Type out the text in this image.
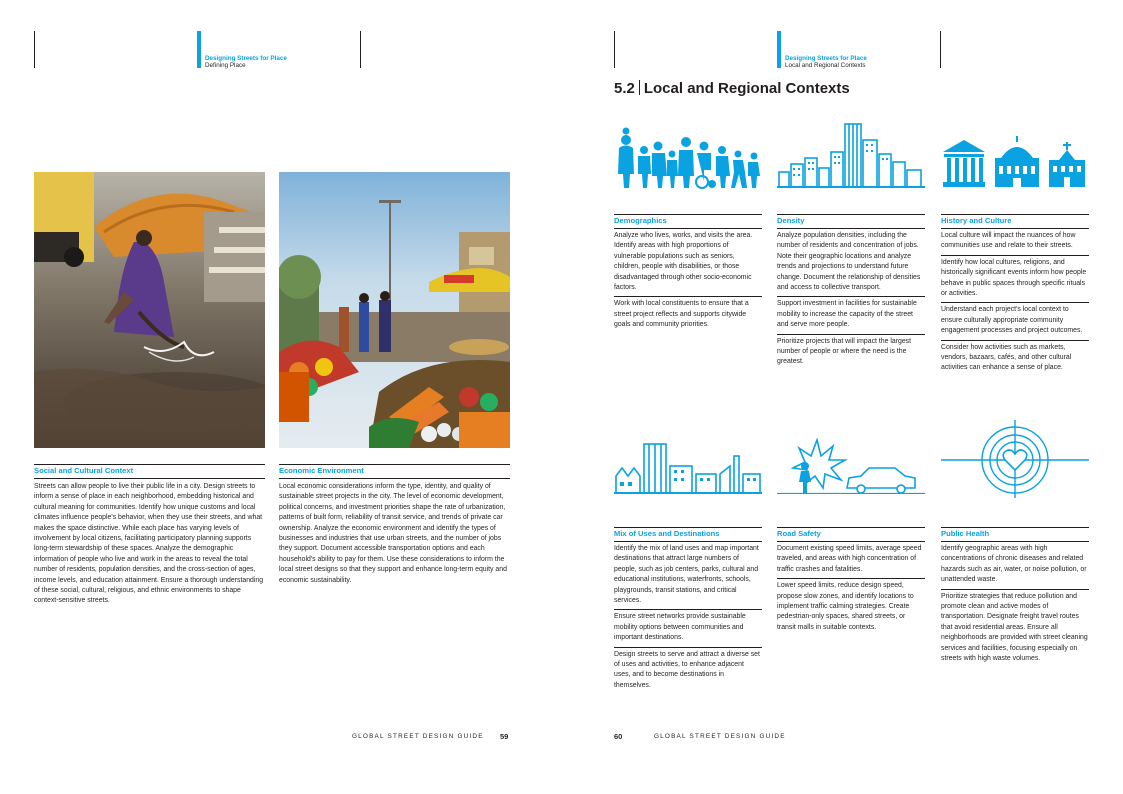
Designing Streets for Place
Defining Place
Designing Streets for Place
Local and Regional Contexts
5.2 Local and Regional Contexts
Social and Cultural Context

Streets can allow people to live their public life in a city. Design streets to inform a sense of place in each neighborhood, embedding historical and cultural meaning for communities. Identify how unique customs and local climates influence people's behavior, when they use their streets, and what makes the space distinctive. While each place has varying levels of involvement by local citizens, facilitating participatory planning supports long-term stewardship of these spaces. Analyze the demographic information of people who live and work in the areas to reveal the total number of residents, population densities, and the cross-section of ages, income levels, and education attainment. Ensure a thorough understanding of these social, cultural, religious, and ethnic environments to shape context-sensitive streets.

Economic Environment

Local economic considerations inform the type, identity, and quality of sustainable street projects in the city. The level of economic development, political concerns, and investment priorities shape the rate of urbanization, patterns of built form, reliability of transit service, and trends of private car ownership. Analyze the economic environment and identify the types of businesses and industries that use urban streets, and the number of jobs they support. Document accessible transportation options and each household's ability to pay for them. Use these considerations to inform the local street designs so that they support and enhance long-term equity and economic sustainability.

Demographics

Analyze who lives, works, and visits the area. Identify areas with high proportions of vulnerable populations such as seniors, children, people with disabilities, or those disadvantaged through other socio-economic factors.

Work with local constituents to ensure that a street project reflects and supports citywide goals and community priorities.

Density

Analyze population densities, including the number of residents and concentration of jobs. Note their geographic locations and analyze trends and projections to understand future change. Document the relationship of densities and access to collective transport.

Support investment in facilities for sustainable mobility to increase the capacity of the street and serve more people.

Prioritize projects that will impact the largest number of people or where the need is the greatest.

History and Culture

Local culture will impact the nuances of how communities use and relate to their streets.

Identify how local cultures, religions, and historically significant events inform how people behave in public spaces through specific rituals or activities.

Understand each project's local context to ensure culturally appropriate community engagement processes and project outcomes.

Consider how activities such as markets, vendors, bazaars, cafés, and other cultural activities can enhance a sense of place.

Mix of Uses and Destinations

Identify the mix of land uses and map important destinations that attract large numbers of people, such as job centers, parks, cultural and educational institutions, waterfronts, schools, playgrounds, transit stations, and critical services.

Ensure street networks provide sustainable mobility options between communities and important destinations.

Design streets to serve and attract a diverse set of uses and activities, to enhance adjacent uses, and to become destinations in themselves.

Road Safety

Document existing speed limits, average speed traveled, and areas with high concentration of traffic crashes and fatalities.

Lower speed limits, reduce design speed, propose slow zones, and identify locations to implement traffic calming strategies. Create pedestrian-only spaces, shared streets, or transit malls in suitable contexts.

Public Health

Identify geographic areas with high concentrations of chronic diseases and related hazards such as air, water, or noise pollution, or unattended waste.

Prioritize strategies that reduce pollution and promote clean and active modes of transportation. Designate freight travel routes that avoid residential areas. Ensure all neighborhoods are provided with street cleaning services and facilities, focusing especially on streets with high waste volumes.

GLOBAL STREET DESIGN GUIDE 59	60	GLOBAL STREET DESIGN GUIDE
